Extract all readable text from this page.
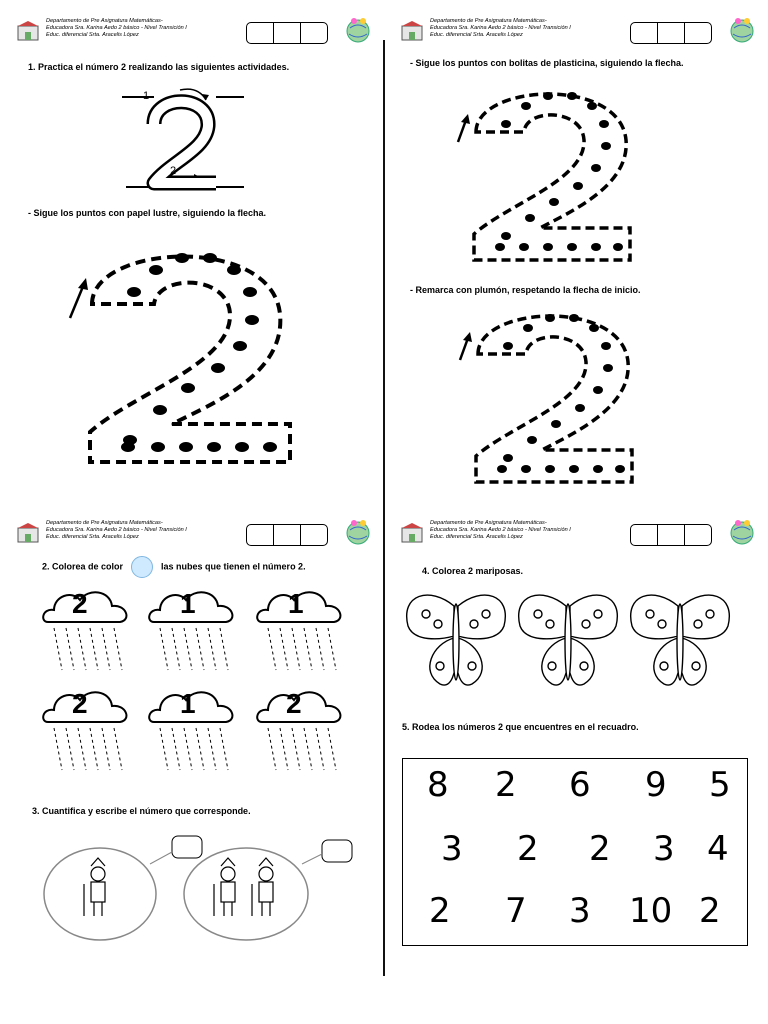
Departamento de Pre Asignatura Matemáticas-
Educadora Sra. Karina Aedo 2 básico - Nivel Transición I
Educ. diferencial Srta. Aracelis López
1. Practica el número 2 realizando las siguientes actividades.
1
2
- Sigue los puntos con papel lustre, siguiendo la flecha.
Departamento de Pre Asignatura Matemáticas-
Educadora Sra. Karina Aedo 2 básico - Nivel Transición I
Educ. diferencial Srta. Aracelis López
- Sigue los puntos con bolitas de plasticina, siguiendo la flecha.
- Remarca con plumón, respetando la flecha de inicio.
Departamento de Pre Asignatura Matemáticas-
Educadora Sra. Karina Aedo 2 básico - Nivel Transición I
Educ. diferencial Srta. Aracelis López
2. Colorea de color	las nubes que tienen el número 2.
2	1	1
2	1	2
3. Cuantifica y escribe el número que corresponde.
Departamento de Pre Asignatura Matemáticas-
Educadora Sra. Karina Aedo 2 básico - Nivel Transición I
Educ. diferencial Srta. Aracelis López
4. Colorea 2 mariposas.
5. Rodea los números 2 que encuentres en el recuadro.
8 2 6 9 5
3 2 2 3 4
2 7 3 10 2
